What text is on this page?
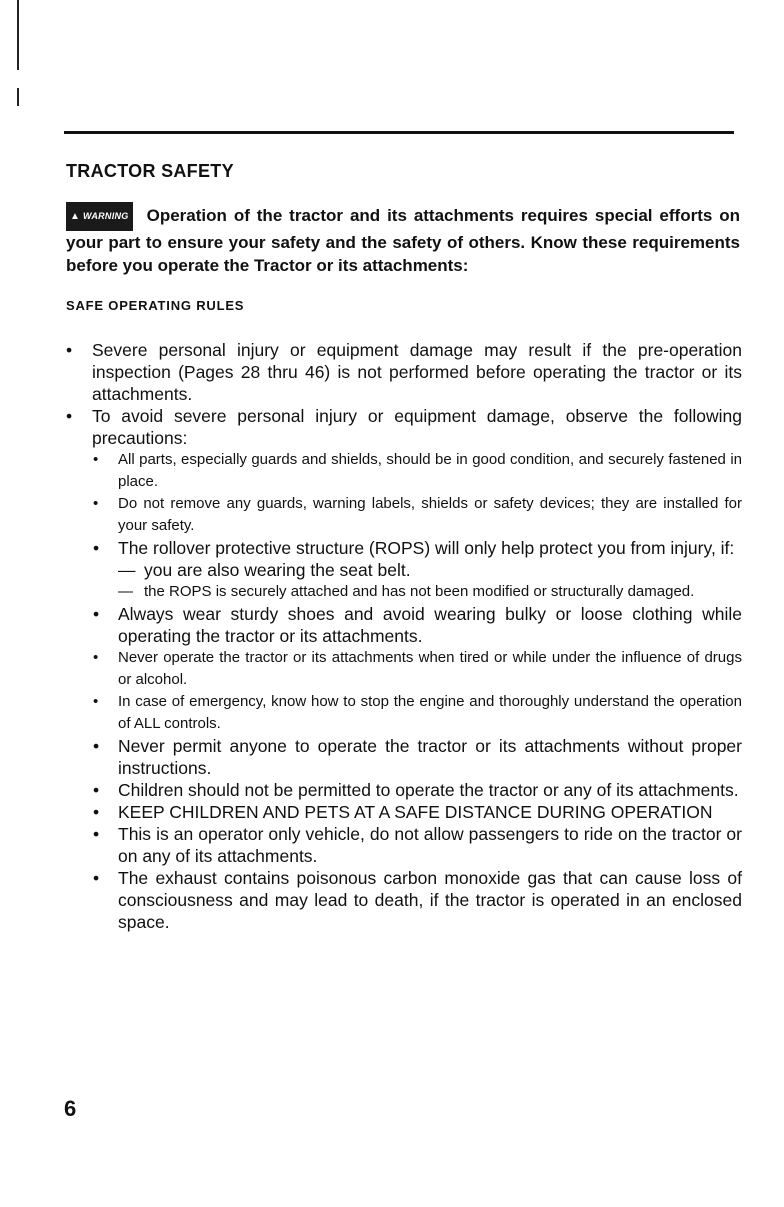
TRACTOR SAFETY
▲ WARNING Operation of the tractor and its attachments requires special efforts on your part to ensure your safety and the safety of others. Know these requirements before you operate the Tractor or its attachments:
SAFE OPERATING RULES
• Severe personal injury or equipment damage may result if the pre-operation inspection (Pages 28 thru 46) is not performed before operating the tractor or its attachments.
• To avoid severe personal injury or equipment damage, observe the following precautions:
• All parts, especially guards and shields, should be in good condition, and securely fastened in place.
• Do not remove any guards, warning labels, shields or safety devices; they are installed for your safety.
• The rollover protective structure (ROPS) will only help protect you from injury, if:
— you are also wearing the seat belt.
— the ROPS is securely attached and has not been modified or structurally damaged.
• Always wear sturdy shoes and avoid wearing bulky or loose clothing while operating the tractor or its attachments.
• Never operate the tractor or its attachments when tired or while under the influence of drugs or alcohol.
• In case of emergency, know how to stop the engine and thoroughly understand the operation of ALL controls.
• Never permit anyone to operate the tractor or its attachments without proper instructions.
• Children should not be permitted to operate the tractor or any of its attachments.
• KEEP CHILDREN AND PETS AT A SAFE DISTANCE DURING OPERATION
• This is an operator only vehicle, do not allow passengers to ride on the tractor or on any of its attachments.
• The exhaust contains poisonous carbon monoxide gas that can cause loss of consciousness and may lead to death, if the tractor is operated in an enclosed space.
6
